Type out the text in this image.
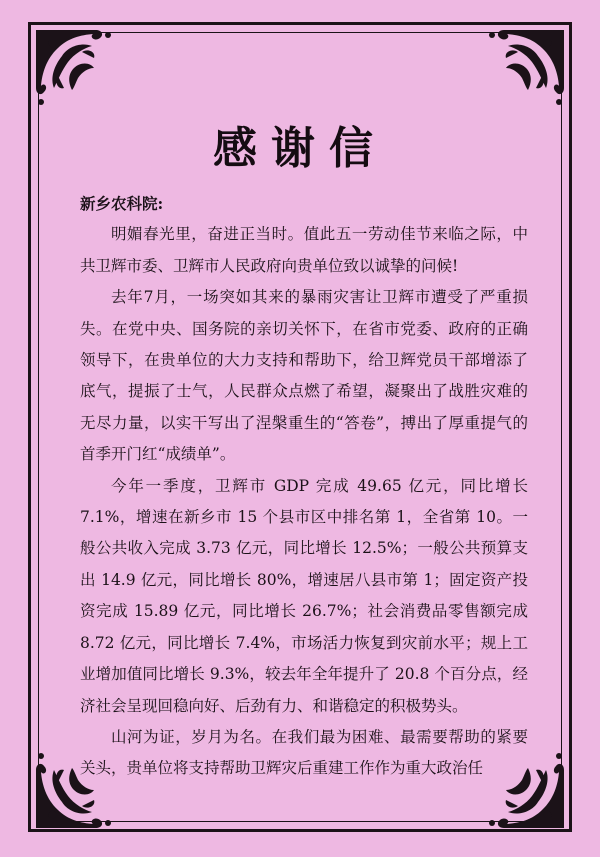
感谢信

新乡农科院:

明媚春光里，奋进正当时。值此五一劳动佳节来临之际，中共卫辉市委、卫辉市人民政府向贵单位致以诚挚的问候!

去年7月，一场突如其来的暴雨灾害让卫辉市遭受了严重损失。在党中央、国务院的亲切关怀下，在省市党委、政府的正确领导下，在贵单位的大力支持和帮助下，给卫辉党员干部增添了底气，提振了士气，人民群众点燃了希望，凝聚出了战胜灾难的无尽力量，以实干写出了涅槃重生的“答卷”，搏出了厚重提气的首季开门红“成绩单”。

今年一季度，卫辉市 GDP 完成 49.65 亿元，同比增长 7.1%，增速在新乡市 15 个县市区中排名第 1，全省第 10。一般公共收入完成 3.73 亿元，同比增长 12.5%；一般公共预算支出 14.9 亿元，同比增长 80%，增速居八县市第 1；固定资产投资完成 15.89 亿元，同比增长 26.7%；社会消费品零售额完成 8.72 亿元，同比增长 7.4%，市场活力恢复到灾前水平；规上工业增加值同比增长 9.3%，较去年全年提升了 20.8 个百分点，经济社会呈现回稳向好、后劲有力、和谐稳定的积极势头。

山河为证，岁月为名。在我们最为困难、最需要帮助的紧要关头，贵单位将支持帮助卫辉灾后重建工作作为重大政治任
